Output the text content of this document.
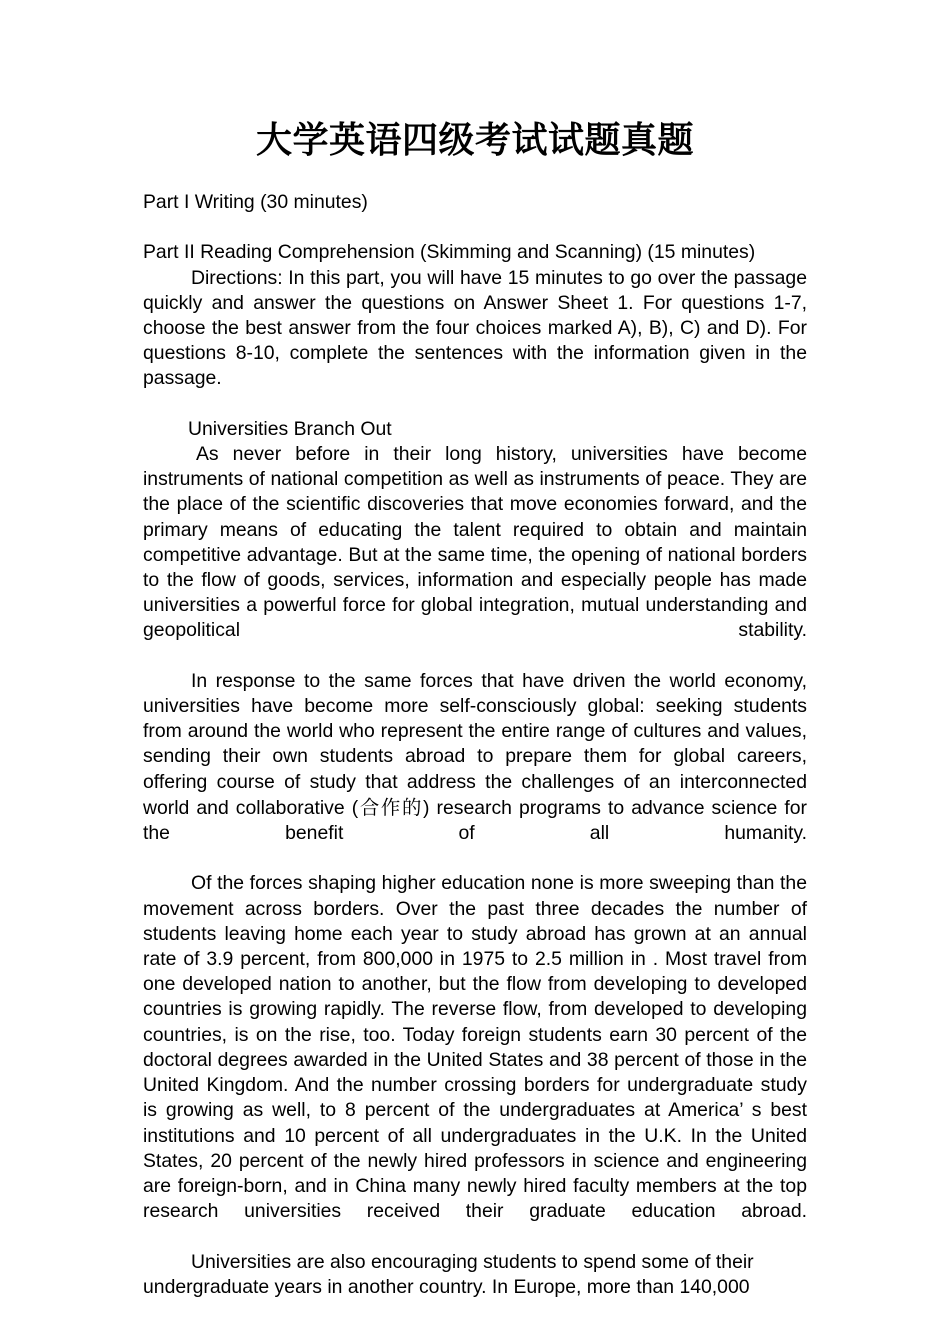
大学英语四级考试试题真题

Part I Writing (30 minutes)

Part II Reading Comprehension (Skimming and Scanning) (15 minutes)

Directions: In this part, you will have 15 minutes to go over the passage quickly and answer the questions on Answer Sheet 1. For questions 1-7, choose the best answer from the four choices marked A), B), C) and D). For questions 8-10, complete the sentences with the information given in the passage.

Universities Branch Out

As never before in their long history, universities have become instruments of national competition as well as instruments of peace. They are the place of the scientific discoveries that move economies forward, and the primary means of educating the talent required to obtain and maintain competitive advantage. But at the same time, the opening of national borders to the flow of goods, services, information and especially people has made universities a powerful force for global integration, mutual understanding and geopolitical stability.

In response to the same forces that have driven the world economy, universities have become more self-consciously global: seeking students from around the world who represent the entire range of cultures and values, sending their own students abroad to prepare them for global careers, offering course of study that address the challenges of an interconnected world and collaborative (合作的) research programs to advance science for the benefit of all humanity.

Of the forces shaping higher education none is more sweeping than the movement across borders. Over the past three decades the number of students leaving home each year to study abroad has grown at an annual rate of 3.9 percent, from 800,000 in 1975 to 2.5 million in . Most travel from one developed nation to another, but the flow from developing to developed countries is growing rapidly. The reverse flow, from developed to developing countries, is on the rise, too. Today foreign students earn 30 percent of the doctoral degrees awarded in the United States and 38 percent of those in the United Kingdom. And the number crossing borders for undergraduate study is growing as well, to 8 percent of the undergraduates at America’ s best institutions and 10 percent of all undergraduates in the U.K. In the United States, 20 percent of the newly hired professors in science and engineering are foreign-born, and in China many newly hired faculty members at the top research universities received their graduate education abroad.

Universities are also encouraging students to spend some of their undergraduate years in another country. In Europe, more than 140,000
